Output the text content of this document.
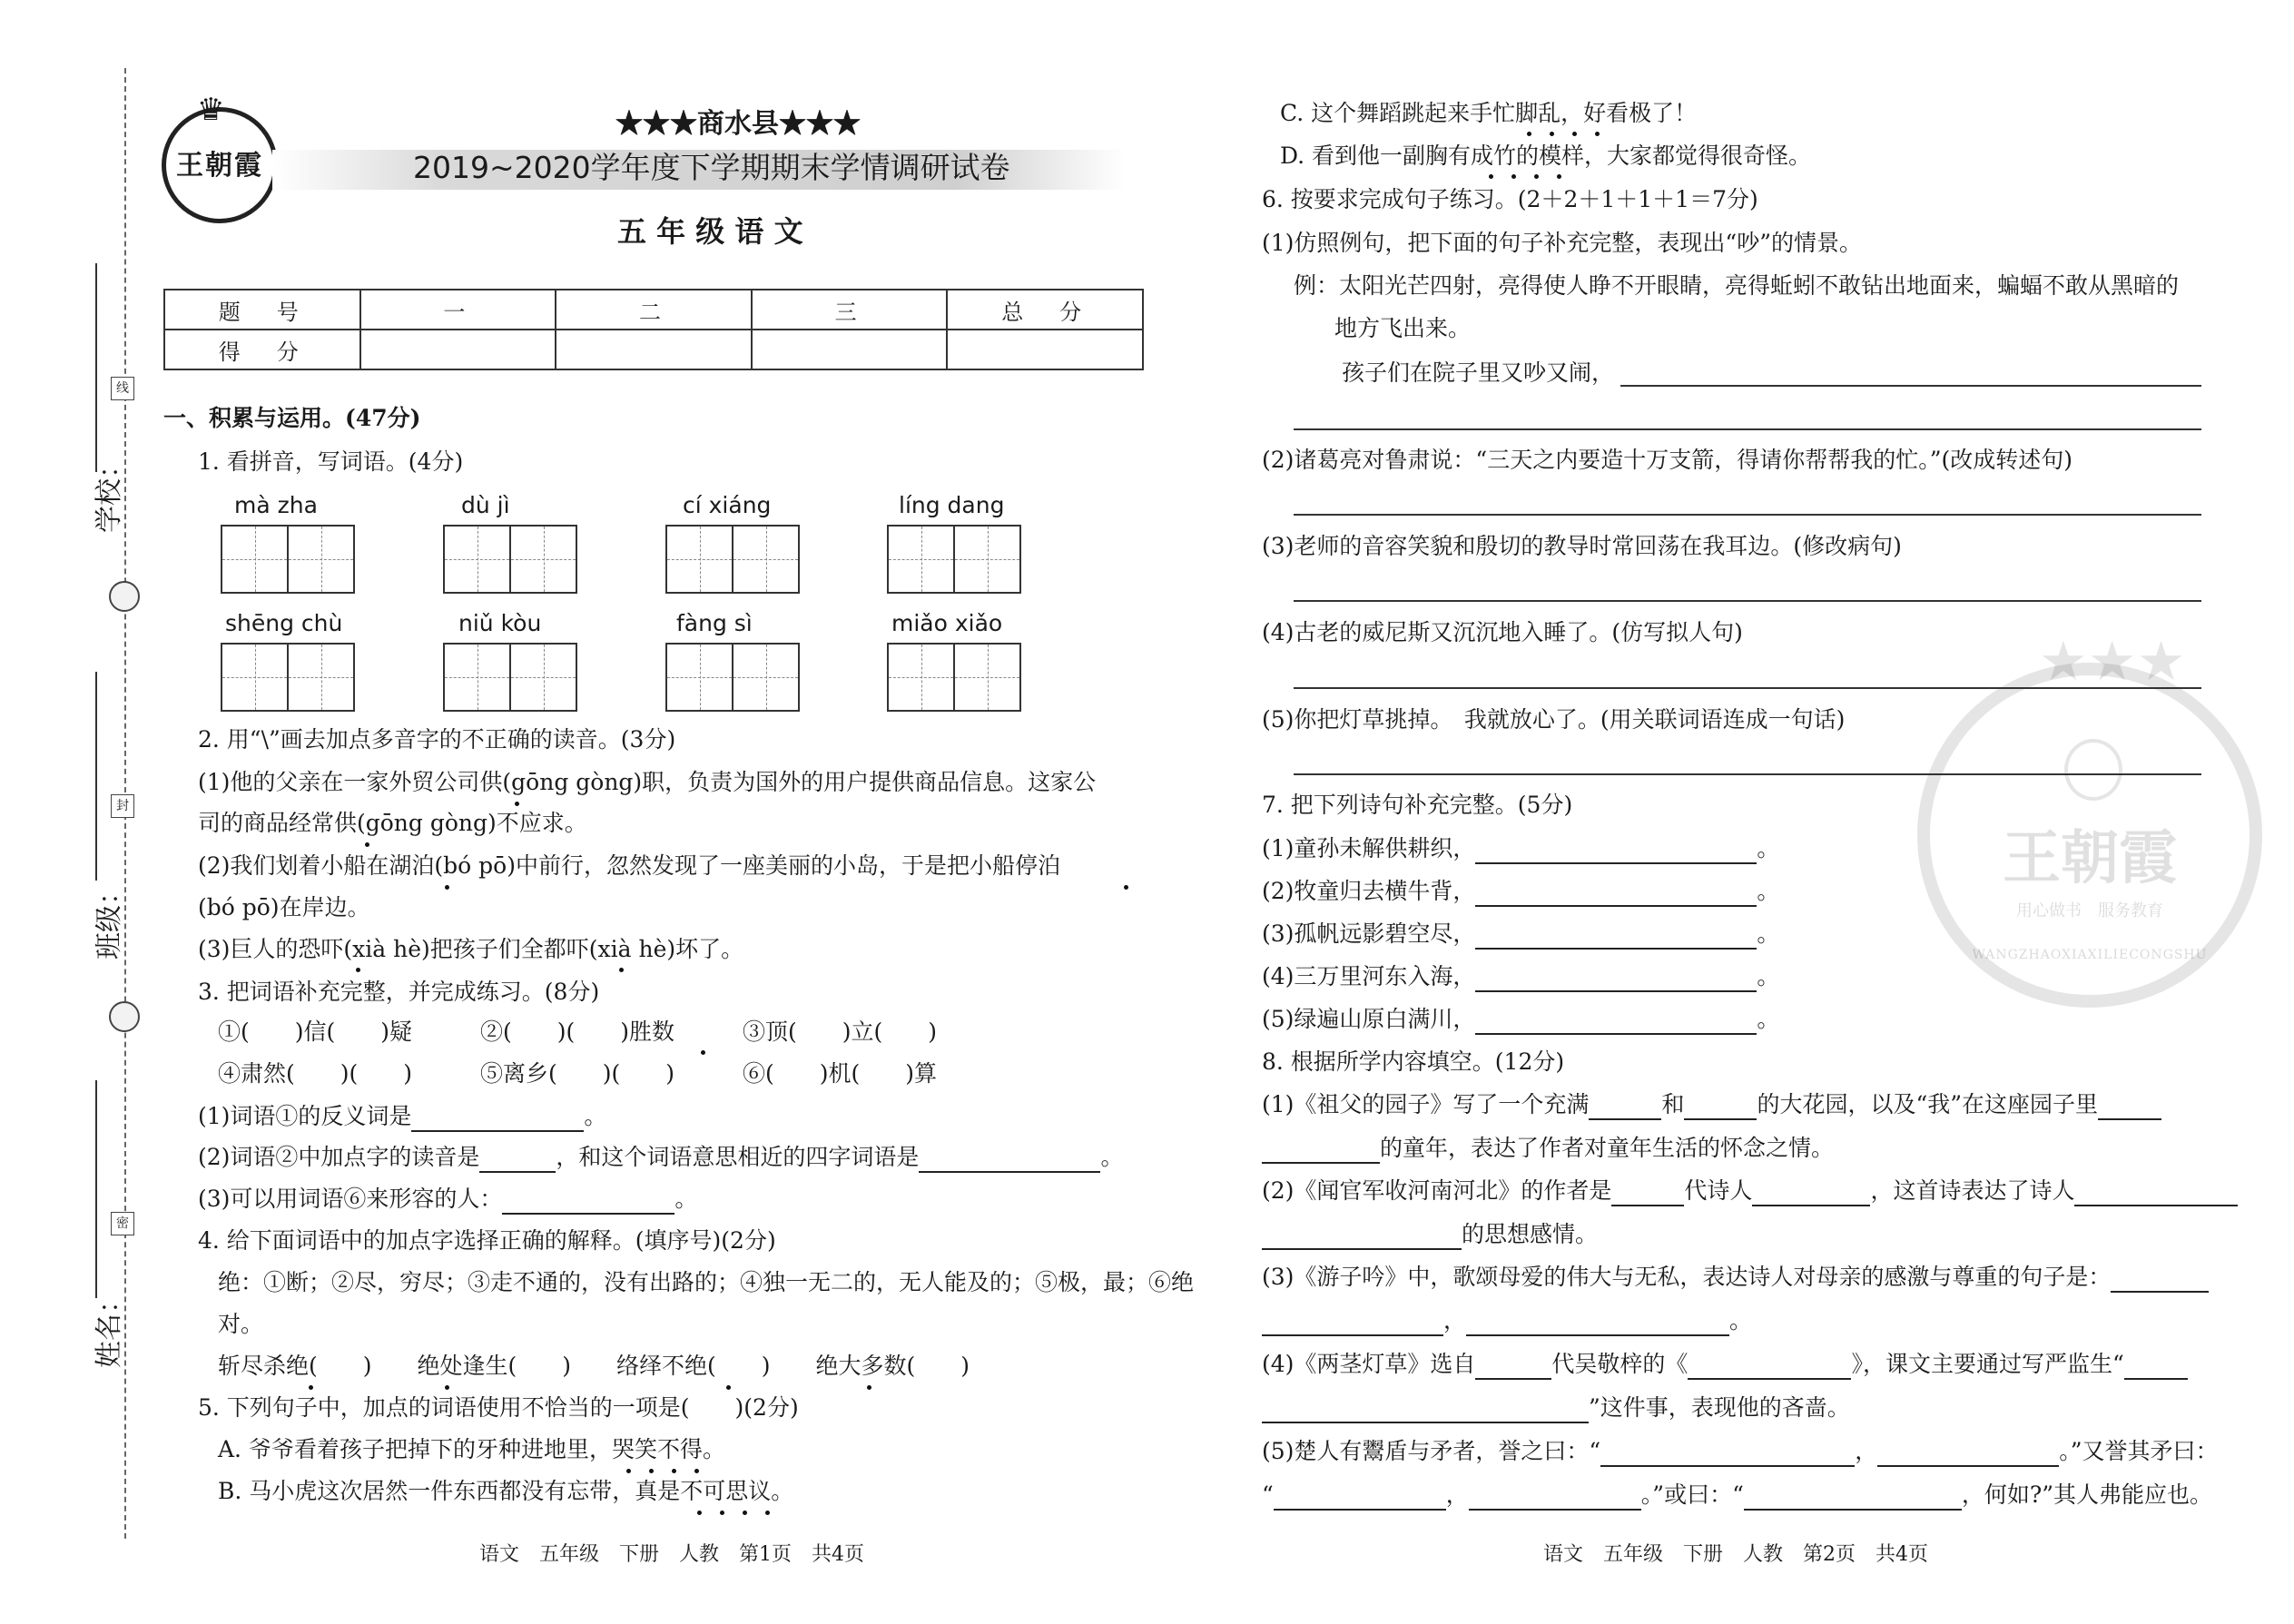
学校：
班级：
姓名：
线
封
密
♛
王朝霞
★★★商水县★★★
2019~2020学年度下学期期末学情调研试卷
五 年 级 语 文
题　号	一	二	三	总　分
得　分				
一、积累与运用。(47分)
1. 看拼音，写词语。(4分)
mà zha	dù jì	cí xiáng	líng dang
shēng chù	niǔ kòu	fàng sì	miǎo xiǎo
2. 用“\”画去加点多音字的不正确的读音。(3分)
(1)他的父亲在一家外贸公司供(gōng gòng)职，负责为国外的用户提供商品信息。这家公
司的商品经常供(gōng gòng)不应求。
(2)我们划着小船在湖泊(bó pō)中前行，忽然发现了一座美丽的小岛，于是把小船停泊
(bó pō)在岸边。
(3)巨人的恐吓(xià hè)把孩子们全都吓(xià hè)坏了。
3. 把词语补充完整，并完成练习。(8分)
①(　　)信(　　)疑　　　②(　　)(　　)胜数　　　③顶(　　)立(　　)
④肃然(　　)(　　)　　　⑤离乡(　　)(　　)　　　⑥(　　)机(　　)算
(1)词语①的反义词是	。
(2)词语②中加点字的读音是	，和这个词语意思相近的四字词语是	。
(3)可以用词语⑥来形容的人：	。
4. 给下面词语中的加点字选择正确的解释。(填序号)(2分)
绝：①断；②尽，穷尽；③走不通的，没有出路的；④独一无二的，无人能及的；⑤极，最；⑥绝
对。
斩尽杀绝(　　)　　绝处逢生(　　)　　络绎不绝(　　)　　绝大多数(　　)
5. 下列句子中，加点的词语使用不恰当的一项是(　　)(2分)
A. 爷爷看着孩子把掉下的牙种进地里，哭笑不得。
B. 马小虎这次居然一件东西都没有忘带，真是不可思议。
语文　五年级　下册　人教　第1页　共4页
★★★
王朝霞
WANGZHAOXIAXILIECONGSHU
用心做书　服务教育
C. 这个舞蹈跳起来手忙脚乱，好看极了！
D. 看到他一副胸有成竹的模样，大家都觉得很奇怪。
6. 按要求完成句子练习。(2＋2＋1＋1＋1＝7分)
(1)仿照例句，把下面的句子补充完整，表现出“吵”的情景。
例：太阳光芒四射，亮得使人睁不开眼睛，亮得蚯蚓不敢钻出地面来，蝙蝠不敢从黑暗的
地方飞出来。
孩子们在院子里又吵又闹，
(2)诸葛亮对鲁肃说：“三天之内要造十万支箭，得请你帮帮我的忙。”(改成转述句)
(3)老师的音容笑貌和殷切的教导时常回荡在我耳边。(修改病句)
(4)古老的威尼斯又沉沉地入睡了。(仿写拟人句)
(5)你把灯草挑掉。　我就放心了。(用关联词语连成一句话)
7. 把下列诗句补充完整。(5分)
(1)童孙未解供耕织，	。
(2)牧童归去横牛背，	。
(3)孤帆远影碧空尽，	。
(4)三万里河东入海，	。
(5)绿遍山原白满川，	。
8. 根据所学内容填空。(12分)
(1)《祖父的园子》写了一个充满	和	的大花园，以及“我”在这座园子里
的童年，表达了作者对童年生活的怀念之情。
(2)《闻官军收河南河北》的作者是	代诗人	，这首诗表达了诗人
的思想感情。
(3)《游子吟》中，歌颂母爱的伟大与无私，表达诗人对母亲的感激与尊重的句子是：
，	。
(4)《两茎灯草》选自	代吴敬梓的《	》，课文主要通过写严监生“
”这件事，表现他的吝啬。
(5)楚人有鬻盾与矛者，誉之曰：“	，	。”又誉其矛曰：
“	，	。”或曰：“	，何如?”其人弗能应也。
语文　五年级　下册　人教　第2页　共4页
